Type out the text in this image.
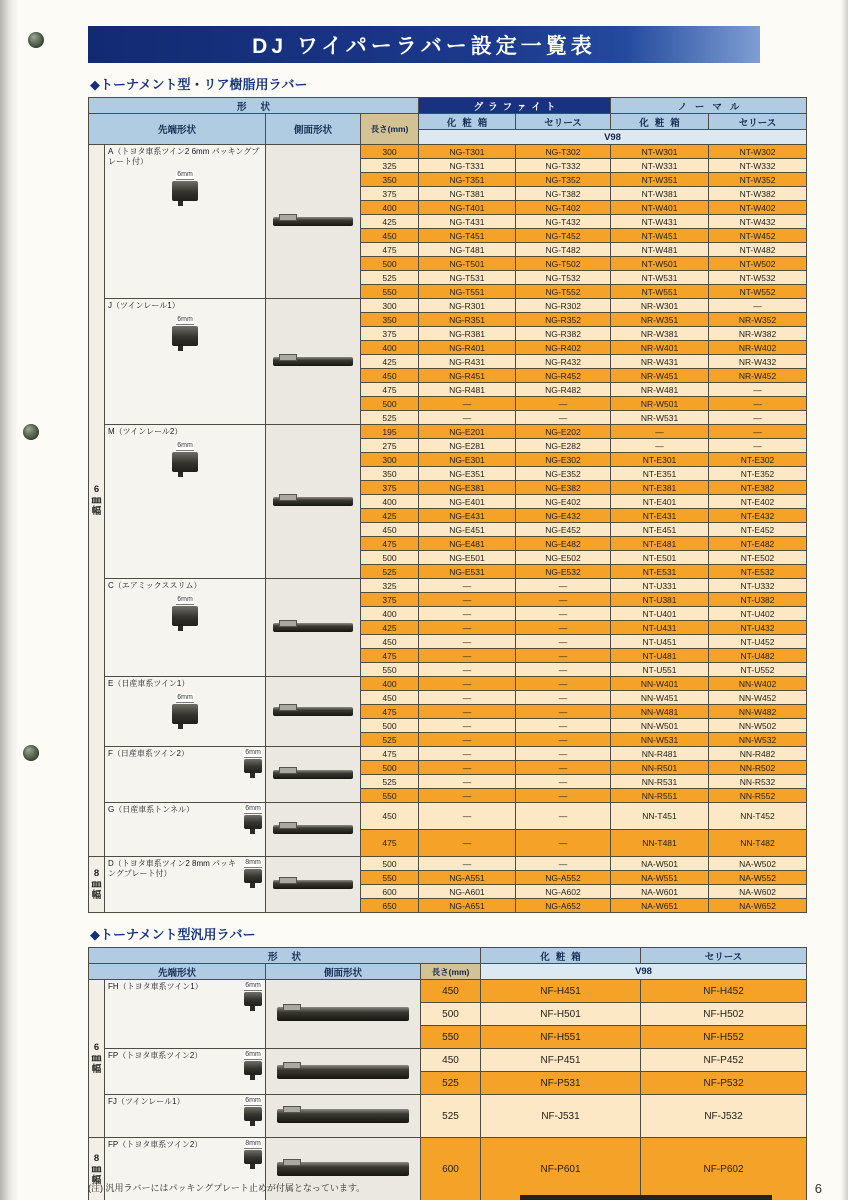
DJ ワイパーラバー設定一覧表
◆トーナメント型・リア樹脂用ラバー
形状				グラファイト		ノーマル	
先端形状		側面形状	長さ(mm)	化粧箱	セリース	化粧箱	セリース
				V98			
6㎜幅	A（トヨタ車系ツイン2 6mm パッキングプレート付）
6mm		300	NG-T301	NG-T302	NT-W301	NT-W302
			325	NG-T331	NG-T332	NT-W331	NT-W332
			350	NG-T351	NG-T352	NT-W351	NT-W352
			375	NG-T381	NG-T382	NT-W381	NT-W382
			400	NG-T401	NG-T402	NT-W401	NT-W402
			425	NG-T431	NG-T432	NT-W431	NT-W432
			450	NG-T451	NG-T452	NT-W451	NT-W452
			475	NG-T481	NG-T482	NT-W481	NT-W482
			500	NG-T501	NG-T502	NT-W501	NT-W502
			525	NG-T531	NG-T532	NT-W531	NT-W532
			550	NG-T551	NG-T552	NT-W551	NT-W552

	J（ツインレール1）
6mm		300	NG-R301	NG-R302	NR-W301	—
			350	NG-R351	NG-R352	NR-W351	NR-W352
			375	NG-R381	NG-R382	NR-W381	NR-W382
			400	NG-R401	NG-R402	NR-W401	NR-W402
			425	NG-R431	NG-R432	NR-W431	NR-W432
			450	NG-R451	NG-R452	NR-W451	NR-W452
			475	NG-R481	NG-R482	NR-W481	—
			500	—	—	NR-W501	—
			525	—	—	NR-W531	—

	M（ツインレール2）
6mm		195	NG-E201	NG-E202	—	—
			275	NG-E281	NG-E282	—	—
			300	NG-E301	NG-E302	NT-E301	NT-E302
			350	NG-E351	NG-E352	NT-E351	NT-E352
			375	NG-E381	NG-E382	NT-E381	NT-E382
			400	NG-E401	NG-E402	NT-E401	NT-E402
			425	NG-E431	NG-E432	NT-E431	NT-E432
			450	NG-E451	NG-E452	NT-E451	NT-E452
			475	NG-E481	NG-E482	NT-E481	NT-E482
			500	NG-E501	NG-E502	NT-E501	NT-E502
			525	NG-E531	NG-E532	NT-E531	NT-E532

	C（エアミックススリム）
6mm		325	—	—	NT-U331	NT-U332
			375	—	—	NT-U381	NT-U382
			400	—	—	NT-U401	NT-U402
			425	—	—	NT-U431	NT-U432
			450	—	—	NT-U451	NT-U452
			475	—	—	NT-U481	NT-U482
			550	—	—	NT-U551	NT-U552

	E（日産車系ツイン1）
6mm		400	—	—	NN-W401	NN-W402
			450	—	—	NN-W451	NN-W452
			475	—	—	NN-W481	NN-W482
			500	—	—	NN-W501	NN-W502
			525	—	—	NN-W531	NN-W532

	F（日産車系ツイン2） 6mm		475	—	—	NN-R481	NN-R482
			500	—	—	NN-R501	NN-R502
			525	—	—	NN-R531	NN-R532
			550	—	—	NN-R551	NN-R552

	G（日産車系トンネル） 6mm		450	—	—	NN-T451	NN-T452
			475	—	—	NN-T481	NN-T482
8㎜幅	D（トヨタ車系ツイン2 8mm パッキングプレート付）
8mm		500	—	—	NA-W501	NA-W502
			550	NG-A551	NG-A552	NA-W551	NA-W552
			600	NG-A601	NG-A602	NA-W601	NA-W602
			650	NG-A651	NG-A652	NA-W651	NA-W652
◆トーナメント型汎用ラバー
形状				化粧箱	セリース
先端形状		側面形状	長さ(mm)	V98	
6㎜幅	FH（トヨタ車系ツイン1） 6mm		450	NF-H451	NF-H452
			500	NF-H501	NF-H502
			550	NF-H551	NF-H552

	FP（トヨタ車系ツイン2） 6mm		450	NF-P451	NF-P452
			525	NF-P531	NF-P532

	FJ（ツインレール1） 6mm		525	NF-J531	NF-J532
8㎜幅	FP（トヨタ車系ツイン2） 8mm		600	NF-P601	NF-P602
(注) 汎用ラバーにはパッキングプレート止めが付属となっています。	6
